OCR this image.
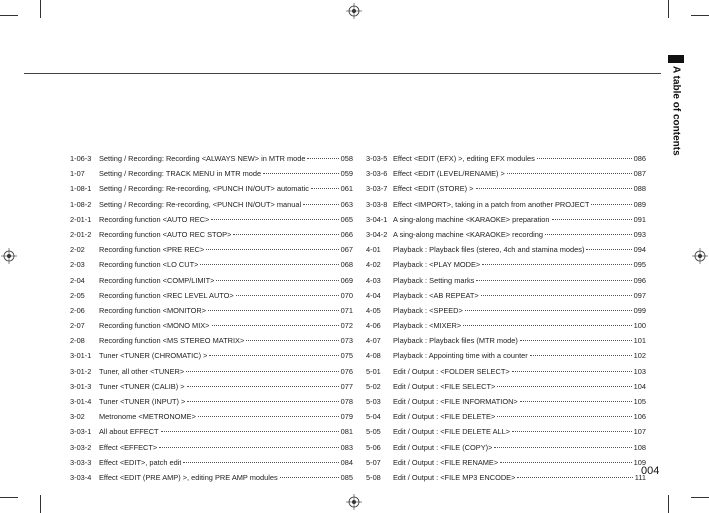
A table of contents
1-06-3	Setting / Recording: Recording <ALWAYS NEW> in MTR mode	058
1-07	Setting / Recording: TRACK MENU in MTR mode	059
1-08-1	Setting / Recording: Re-recording, <PUNCH IN/OUT> automatic	061
1-08-2	Setting / Recording: Re-recording, <PUNCH IN/OUT> manual	063
2-01-1	Recording function <AUTO REC>	065
2-01-2	Recording function <AUTO REC STOP>	066
2-02	Recording function <PRE REC>	067
2-03	Recording function <LO CUT>	068
2-04	Recording function <COMP/LIMIT>	069
2-05	Recording function <REC LEVEL AUTO>	070
2-06	Recording function <MONITOR>	071
2-07	Recording function <MONO MIX>	072
2-08	Recording function <MS STEREO MATRIX>	073
3-01-1	Tuner <TUNER (CHROMATIC) >	075
3-01-2	Tuner, all other <TUNER>	076
3-01-3	Tuner <TUNER (CALIB) >	077
3-01-4	Tuner <TUNER (INPUT) >	078
3-02	Metronome <METRONOME>	079
3-03-1	All about EFFECT	081
3-03-2	Effect <EFFECT>	083
3-03-3	Effect <EDIT>, patch edit	084
3-03-4	Effect <EDIT (PRE AMP) >, editing PRE AMP modules	085
3-03-5 Effect <EDIT (EFX) >, editing EFX modules	086
3-03-6 Effect <EDIT (LEVEL/RENAME) >	087
3-03-7 Effect <EDIT (STORE) >	088
3-03-8 Effect <IMPORT>, taking in a patch from another PROJECT	089
3-04-1 A sing-along machine <KARAOKE> preparation	091
3-04-2 A sing-along machine <KARAOKE> recording	093
4-01	Playback : Playback files (stereo, 4ch and stamina modes)	094
4-02	Playback : <PLAY MODE>	095
4-03	Playback : Setting marks	096
4-04	Playback : <AB REPEAT>	097
4-05	Playback : <SPEED>	099
4-06	Playback : <MIXER>	100
4-07	Playback : Playback files (MTR mode)	101
4-08	Playback : Appointing time with a counter	102
5-01	Edit / Output : <FOLDER SELECT>	103
5-02	Edit / Output : <FILE SELECT>	104
5-03	Edit / Output : <FILE INFORMATION>	105
5-04	Edit / Output : <FILE DELETE>	106
5-05	Edit / Output : <FILE DELETE ALL>	107
5-06	Edit / Output : <FILE (COPY)>	108
5-07	Edit / Output : <FILE RENAME>	109
5-08	Edit / Output : <FILE MP3 ENCODE>	111
004
